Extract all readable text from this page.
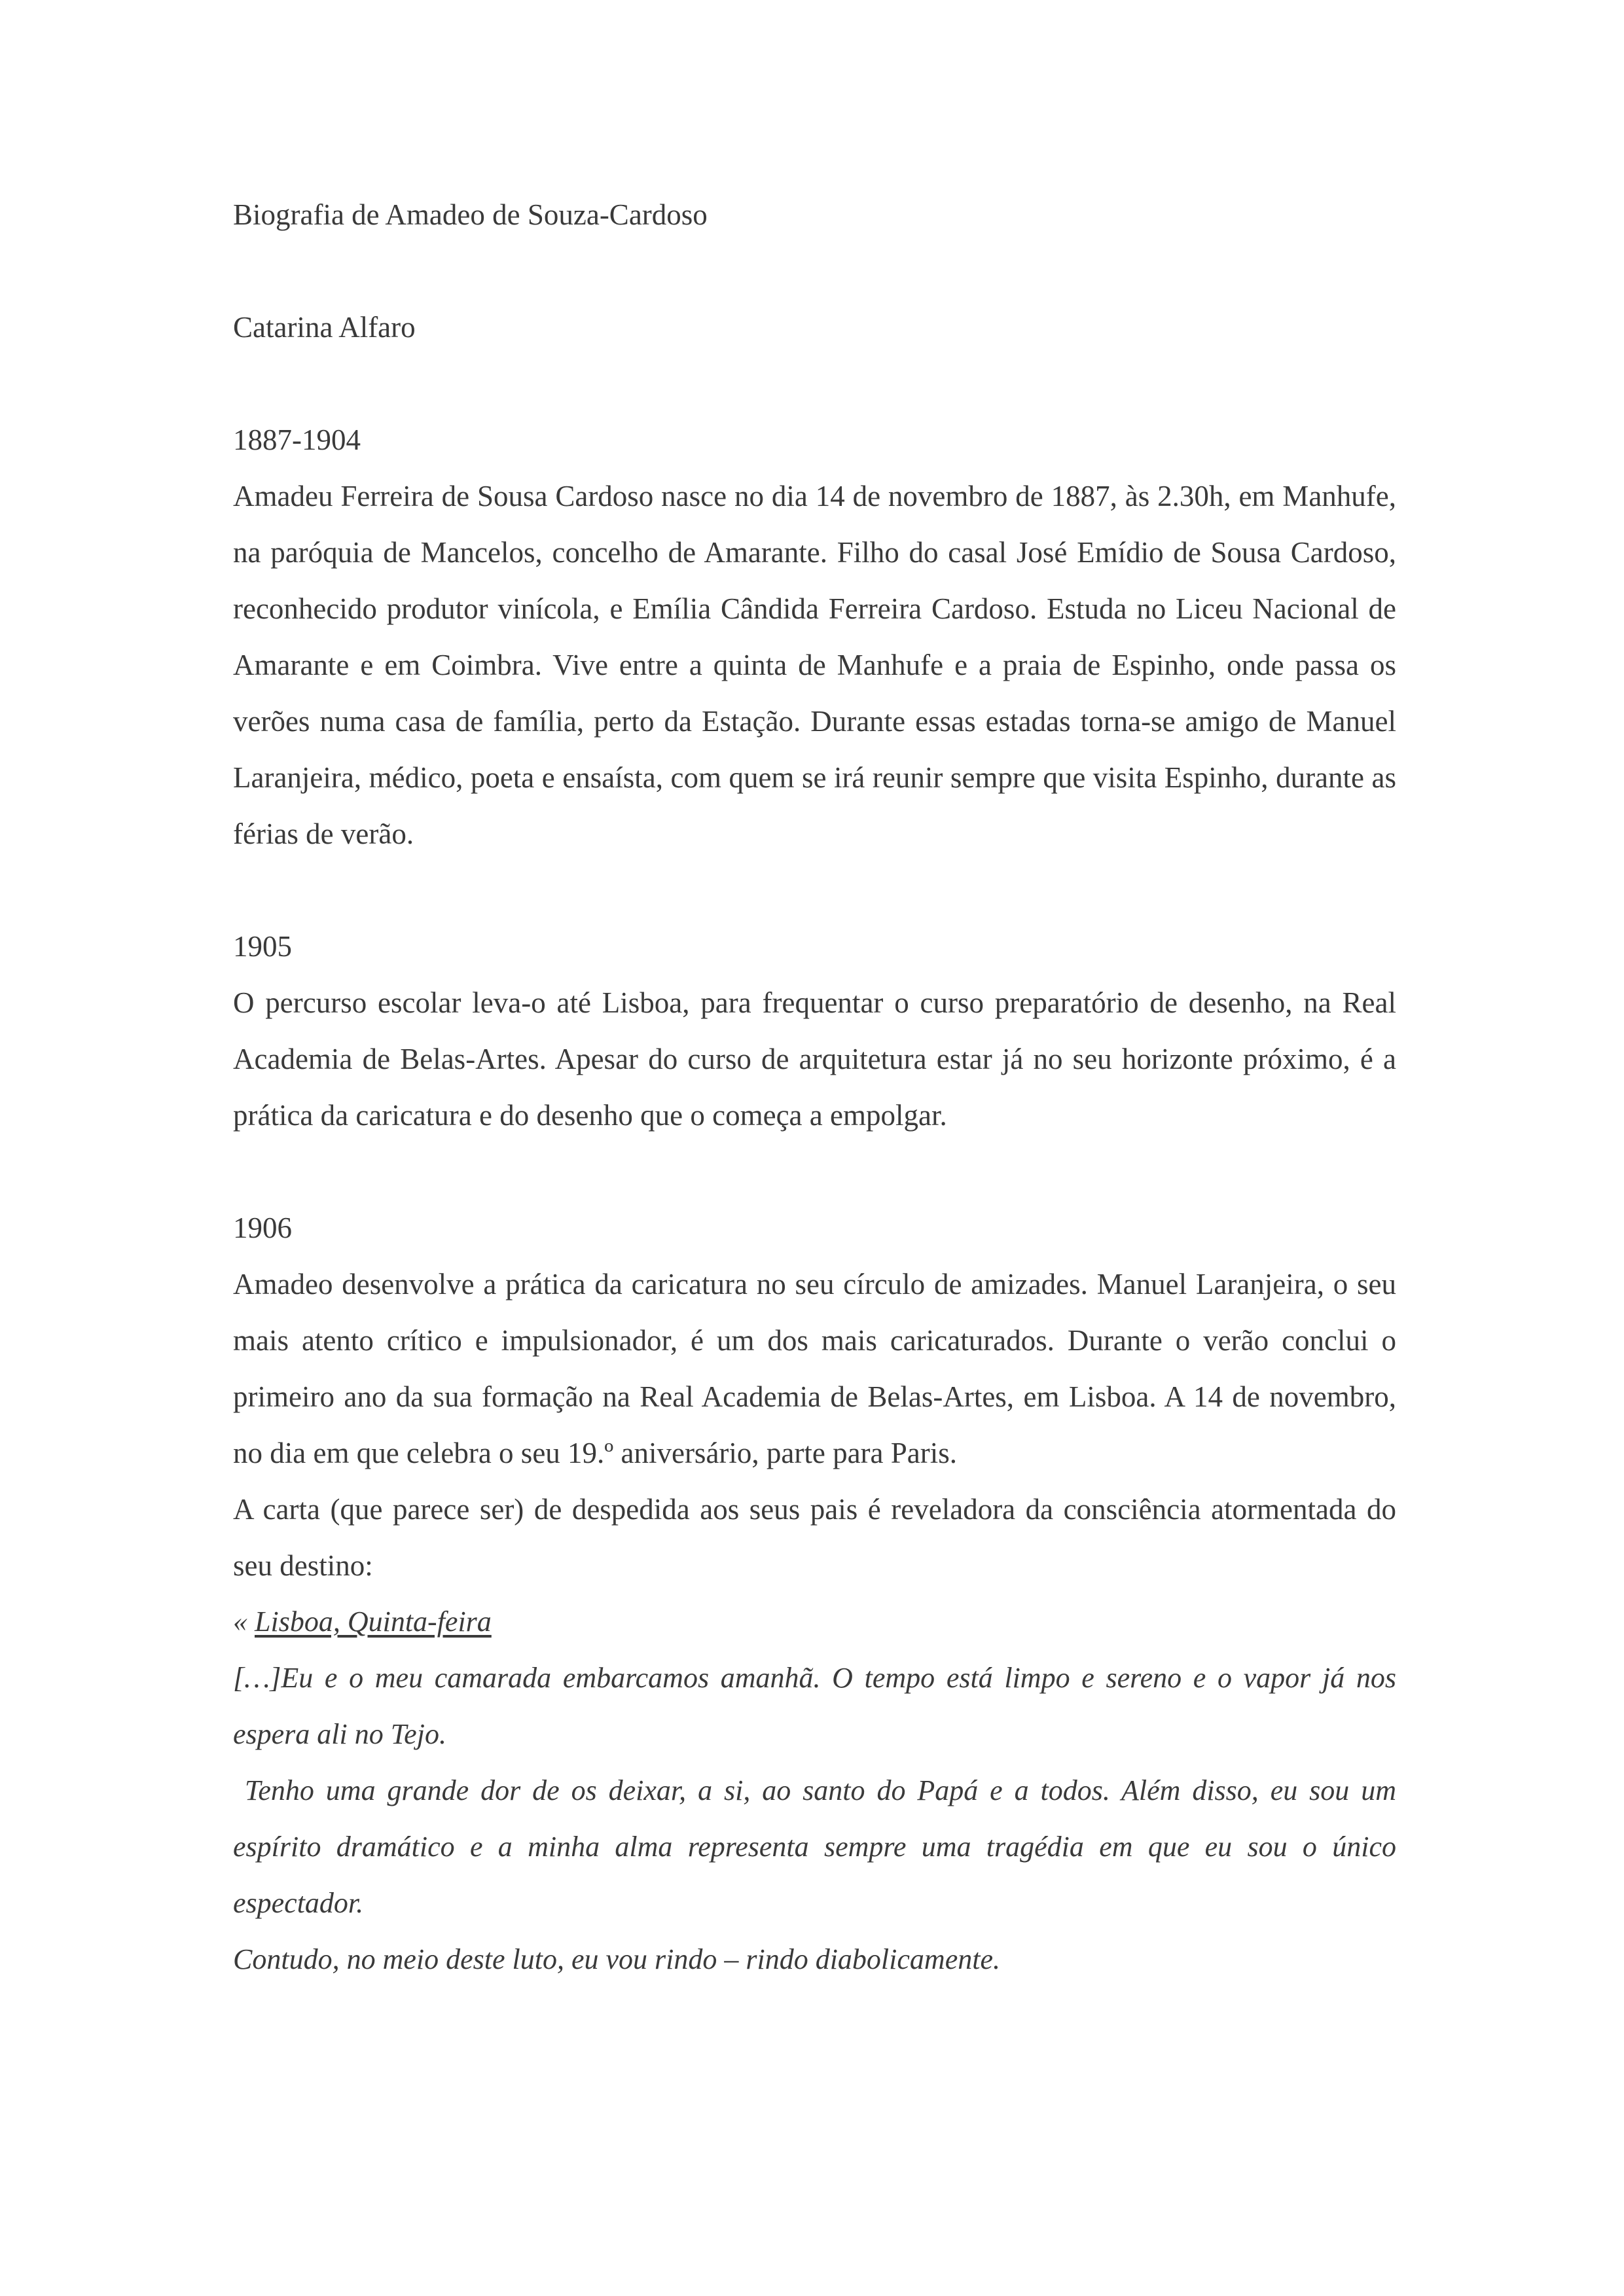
Biografia de Amadeo de Souza-Cardoso

Catarina Alfaro

1887-1904

Amadeu Ferreira de Sousa Cardoso nasce no dia 14 de novembro de 1887, às 2.30h, em Manhufe, na paróquia de Mancelos, concelho de Amarante. Filho do casal José Emídio de Sousa Cardoso, reconhecido produtor vinícola, e Emília Cândida Ferreira Cardoso. Estuda no Liceu Nacional de Amarante e em Coimbra. Vive entre a quinta de Manhufe e a praia de Espinho, onde passa os verões numa casa de família, perto da Estação. Durante essas estadas torna-se amigo de Manuel Laranjeira, médico, poeta e ensaísta, com quem se irá reunir sempre que visita Espinho, durante as férias de verão.

1905

O percurso escolar leva-o até Lisboa, para frequentar o curso preparatório de desenho, na Real Academia de Belas-Artes. Apesar do curso de arquitetura estar já no seu horizonte próximo, é a prática da caricatura e do desenho que o começa a empolgar.

1906

Amadeo desenvolve a prática da caricatura no seu círculo de amizades. Manuel Laranjeira, o seu mais atento crítico e impulsionador, é um dos mais caricaturados. Durante o verão conclui o primeiro ano da sua formação na Real Academia de Belas-Artes, em Lisboa. A 14 de novembro, no dia em que celebra o seu 19.º aniversário, parte para Paris.

A carta (que parece ser) de despedida aos seus pais é reveladora da consciência atormentada do seu destino:

« Lisboa, Quinta-feira

[…]Eu e o meu camarada embarcamos amanhã. O tempo está limpo e sereno e o vapor já nos espera ali no Tejo.

Tenho uma grande dor de os deixar, a si, ao santo do Papá e a todos. Além disso, eu sou um espírito dramático e a minha alma representa sempre uma tragédia em que eu sou o único espectador.

Contudo, no meio deste luto, eu vou rindo – rindo diabolicamente.
